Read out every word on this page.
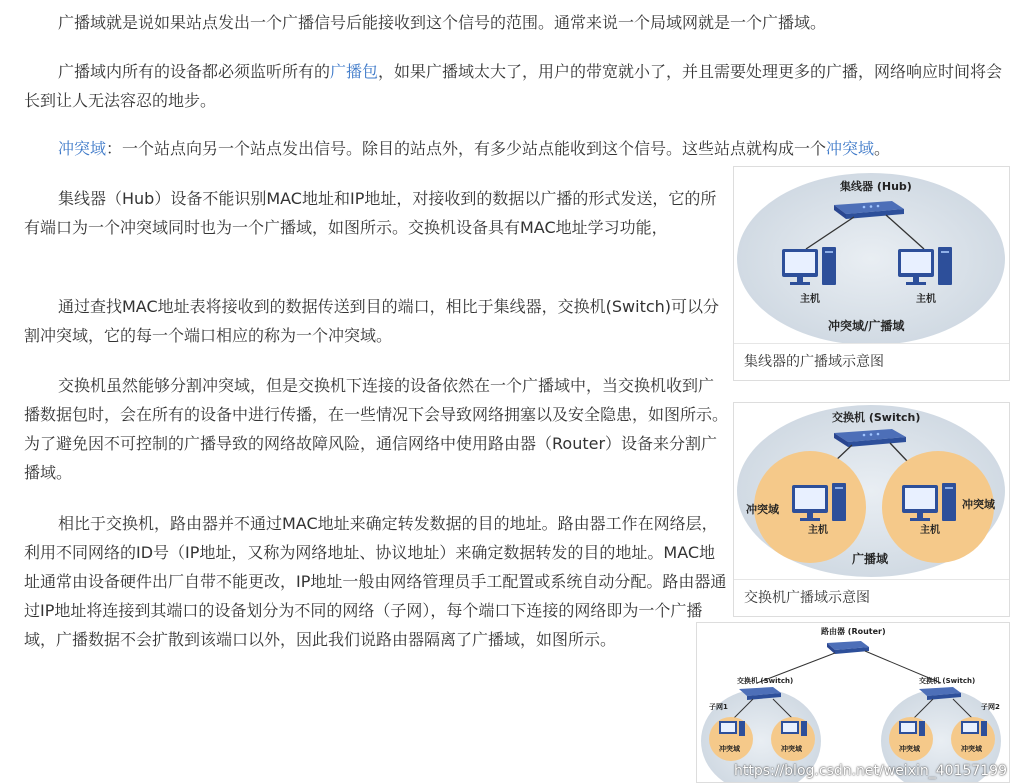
广播域就是说如果站点发出一个广播信号后能接收到这个信号的范围。通常来说一个局域网就是一个广播域。

广播域内所有的设备都必须监听所有的广播包，如果广播域太大了，用户的带宽就小了，并且需要处理更多的广播，网络响应时间将会长到让人无法容忍的地步。

冲突域：一个站点向另一个站点发出信号。除目的站点外，有多少站点能收到这个信号。这些站点就构成一个冲突域。

集线器（Hub）设备不能识别MAC地址和IP地址，对接收到的数据以广播的形式发送，它的所有端口为一个冲突域同时也为一个广播域，如图所示。交换机设备具有MAC地址学习功能，

通过查找MAC地址表将接收到的数据传送到目的端口，相比于集线器，交换机(Switch)可以分割冲突域，它的每一个端口相应的称为一个冲突域。

交换机虽然能够分割冲突域，但是交换机下连接的设备依然在一个广播域中，当交换机收到广播数据包时，会在所有的设备中进行传播，在一些情况下会导致网络拥塞以及安全隐患，如图所示。为了避免因不可控制的广播导致的网络故障风险，通信网络中使用路由器（Router）设备来分割广播域。

相比于交换机，路由器并不通过MAC地址来确定转发数据的目的地址。路由器工作在网络层，利用不同网络的ID号（IP地址，又称为网络地址、协议地址）来确定数据转发的目的地址。MAC地址通常由设备硬件出厂自带不能更改，IP地址一般由网络管理员手工配置或系统自动分配。路由器通过IP地址将连接到其端口的设备划分为不同的网络（子网），每个端口下连接的网络即为一个广播域，广播数据不会扩散到该端口以外，因此我们说路由器隔离了广播域，如图所示。

集线器 (Hub)
主机	主机
冲突域/广播域
集线器的广播域示意图
交换机 (Switch)
冲突域	冲突域
主机	主机
广播域
交换机广播域示意图
路由器 (Router)
交换机 (Switch)	交换机 (Switch)
子网1	子网2
冲突域	冲突域	冲突域	冲突域
https://blog.csdn.net/weixin_40157199
